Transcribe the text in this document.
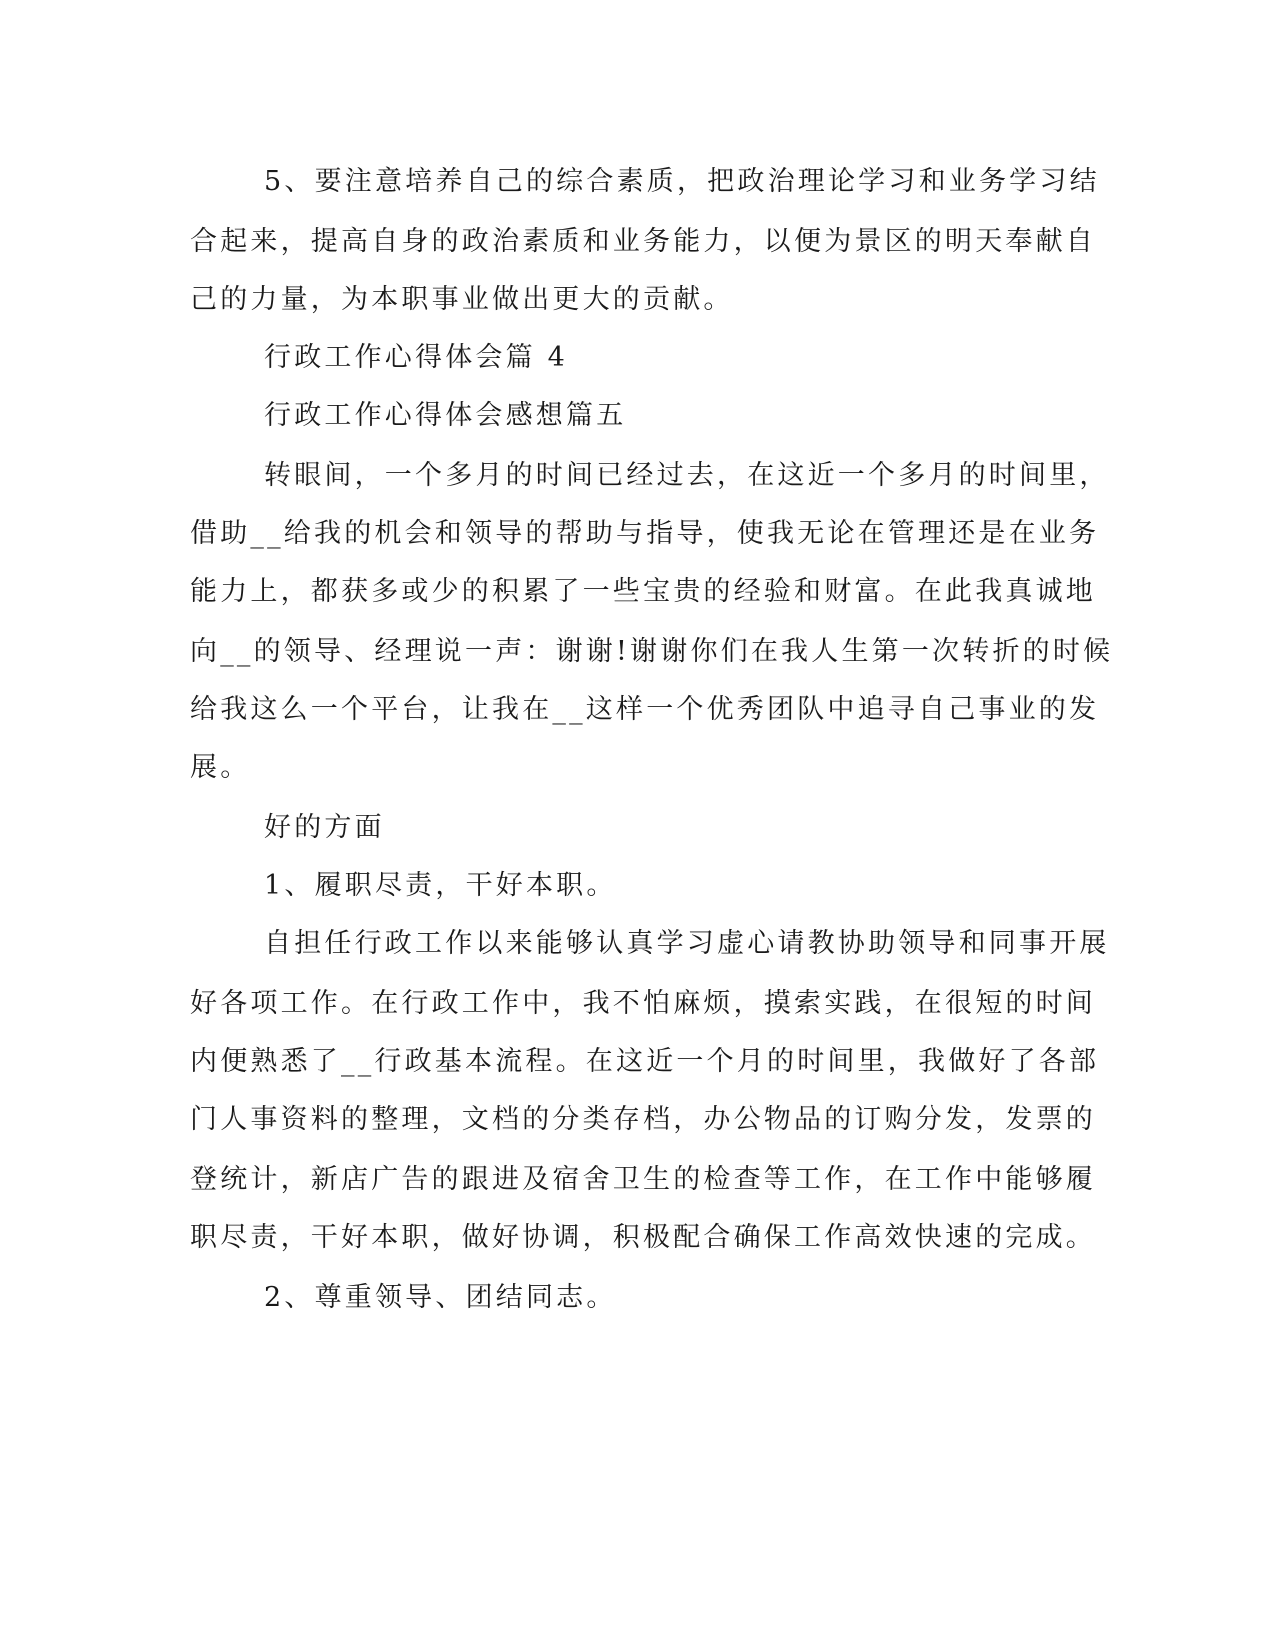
5、要注意培养自己的综合素质，把政治理论学习和业务学习结

合起来，提高自身的政治素质和业务能力，以便为景区的明天奉献自

己的力量，为本职事业做出更大的贡献。

行政工作心得体会篇 4

行政工作心得体会感想篇五

转眼间，一个多月的时间已经过去，在这近一个多月的时间里，

借助__给我的机会和领导的帮助与指导，使我无论在管理还是在业务

能力上，都获多或少的积累了一些宝贵的经验和财富。在此我真诚地

向__的领导、经理说一声：谢谢!谢谢你们在我人生第一次转折的时候

给我这么一个平台，让我在__这样一个优秀团队中追寻自己事业的发

展。

好的方面

1、履职尽责，干好本职。

自担任行政工作以来能够认真学习虚心请教协助领导和同事开展

好各项工作。在行政工作中，我不怕麻烦，摸索实践，在很短的时间

内便熟悉了__行政基本流程。在这近一个月的时间里，我做好了各部

门人事资料的整理，文档的分类存档，办公物品的订购分发，发票的

登统计，新店广告的跟进及宿舍卫生的检查等工作，在工作中能够履

职尽责，干好本职，做好协调，积极配合确保工作高效快速的完成。

2、尊重领导、团结同志。
